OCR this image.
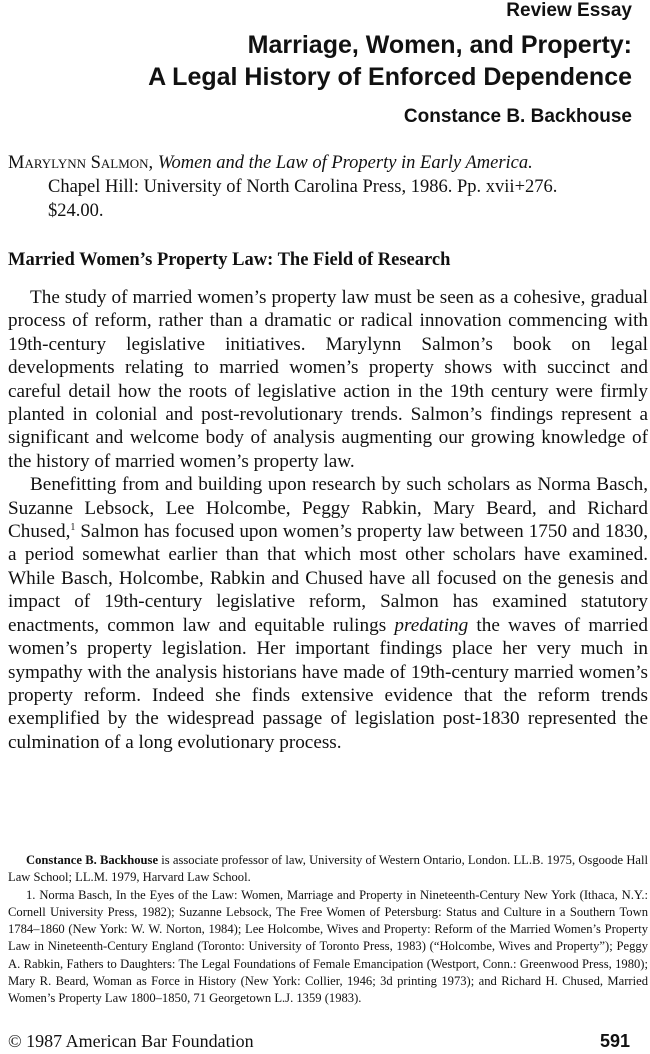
Review Essay
Marriage, Women, and Property:
A Legal History of Enforced Dependence
Constance B. Backhouse
Marylynn Salmon, Women and the Law of Property in Early America.
Chapel Hill: University of North Carolina Press, 1986. Pp. xvii+276.
$24.00.
Married Women’s Property Law: The Field of Research

The study of married women’s property law must be seen as a cohesive, gradual process of reform, rather than a dramatic or radical innovation commencing with 19th-century legislative initiatives. Marylynn Salmon’s book on legal developments relating to married women’s property shows with succinct and careful detail how the roots of legislative action in the 19th century were firmly planted in colonial and post-revolutionary trends. Salmon’s findings represent a significant and welcome body of analysis augmenting our growing knowledge of the history of married women’s property law.

Benefitting from and building upon research by such scholars as Norma Basch, Suzanne Lebsock, Lee Holcombe, Peggy Rabkin, Mary Beard, and Richard Chused,$^1$ Salmon has focused upon women’s property law between 1750 and 1830, a period somewhat earlier than that which most other scholars have examined. While Basch, Holcombe, Rabkin and Chused have all focused on the genesis and impact of 19th-century legislative reform, Salmon has examined statutory enactments, common law and equitable rulings predating the waves of married women’s property legislation. Her important findings place her very much in sympathy with the analysis historians have made of 19th-century married women’s property reform. Indeed she finds extensive evidence that the reform trends exemplified by the widespread passage of legislation post-1830 represented the culmination of a long evolutionary process.

Constance B. Backhouse is associate professor of law, University of Western Ontario, London. LL.B. 1975, Osgoode Hall Law School; LL.M. 1979, Harvard Law School.

1. Norma Basch, In the Eyes of the Law: Women, Marriage and Property in Nineteenth-Century New York (Ithaca, N.Y.: Cornell University Press, 1982); Suzanne Lebsock, The Free Women of Petersburg: Status and Culture in a Southern Town 1784–1860 (New York: W. W. Norton, 1984); Lee Holcombe, Wives and Property: Reform of the Married Women’s Property Law in Nineteenth-Century England (Toronto: University of Toronto Press, 1983) (“Holcombe, Wives and Property”); Peggy A. Rabkin, Fathers to Daughters: The Legal Foundations of Female Emancipation (Westport, Conn.: Greenwood Press, 1980); Mary R. Beard, Woman as Force in History (New York: Collier, 1946; 3d printing 1973); and Richard H. Chused, Married Women’s Property Law 1800–1850, 71 Georgetown L.J. 1359 (1983).

© 1987 American Bar Foundation	591
